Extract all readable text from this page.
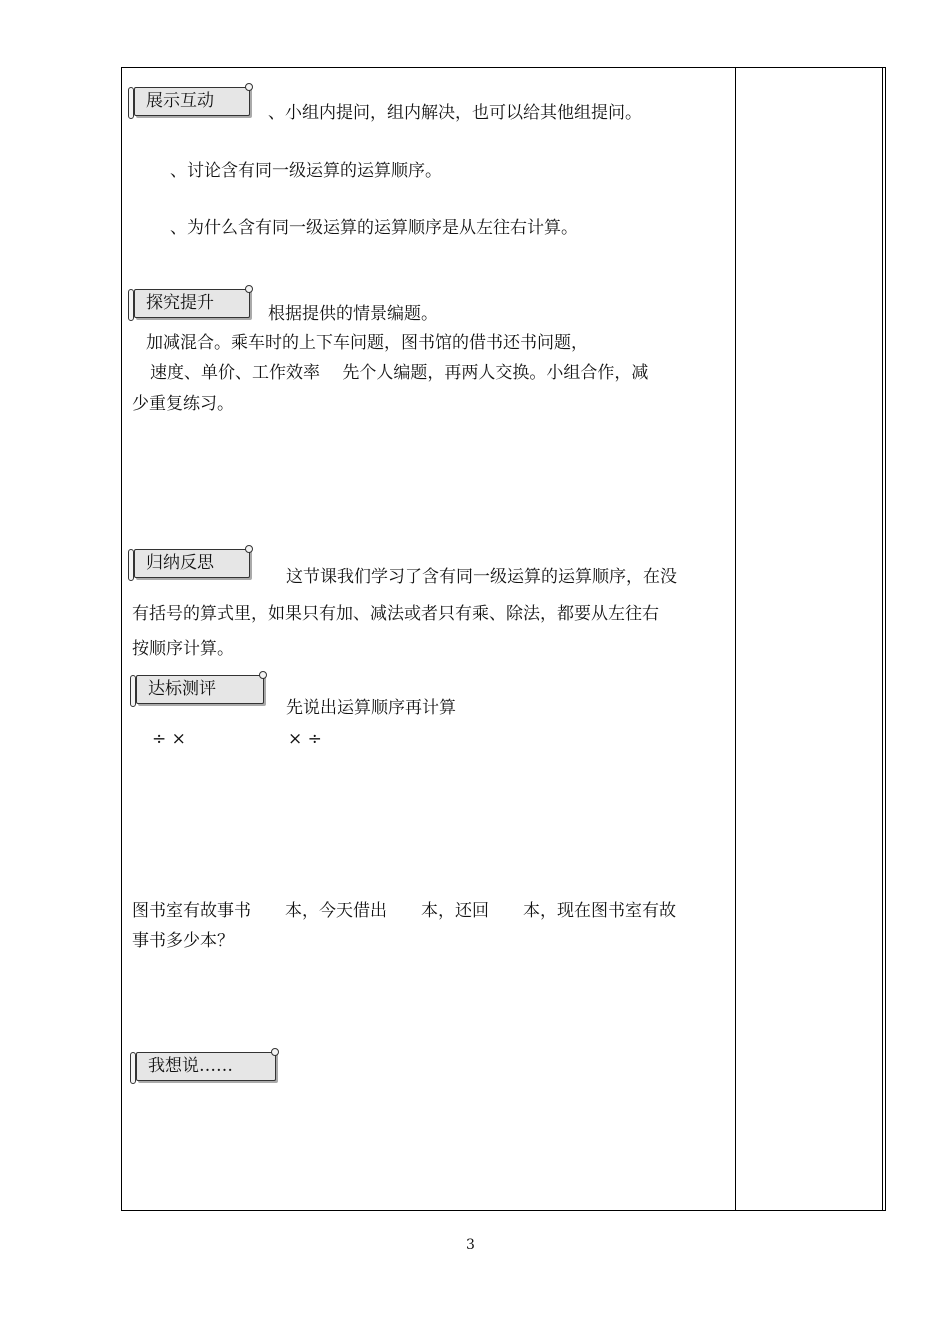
展示互动
、小组内提问，组内解决，也可以给其他组提问。
、讨论含有同一级运算的运算顺序。
、为什么含有同一级运算的运算顺序是从左往右计算。
探究提升
根据提供的情景编题。
加减混合。乘车时的上下车问题，图书馆的借书还书问题，
速度、单价、工作效率　 先个人编题，再两人交换。小组合作，减
少重复练习。
归纳反思
这节课我们学习了含有同一级运算的运算顺序，在没
有括号的算式里，如果只有加、减法或者只有乘、除法，都要从左往右
按顺序计算。
达标测评
先说出运算顺序再计算
÷ ×	× ÷
图书室有故事书　　本，今天借出　　本，还回　　本，现在图书室有故
事书多少本？
我想说……
3
